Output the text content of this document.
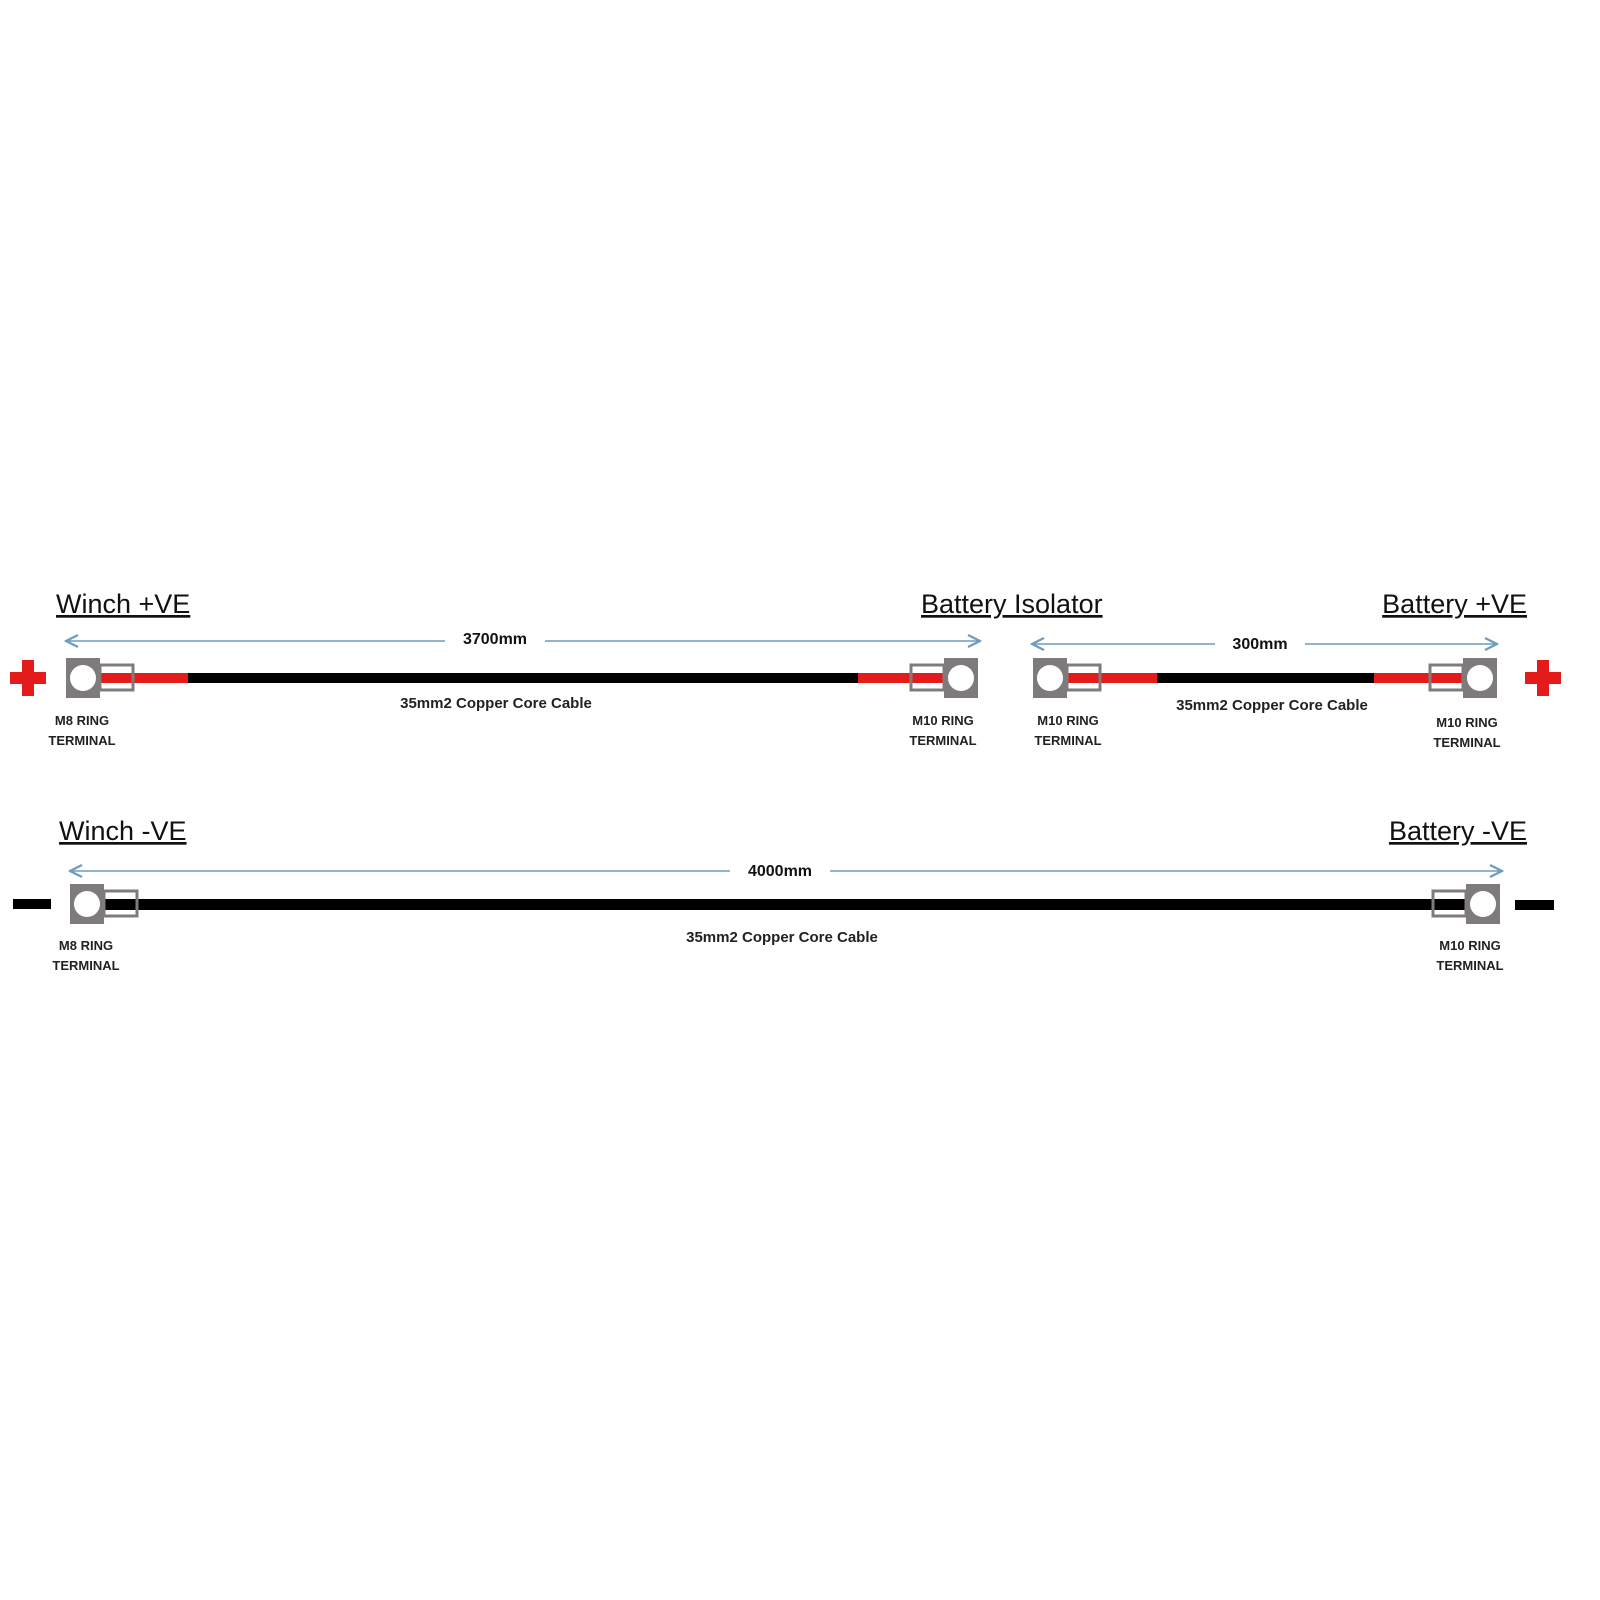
Winch +VE	Battery Isolator
3700mm
35mm2 Copper Core Cable
M8 RING
TERMINAL
M10 RING
TERMINAL
Battery +VE
300mm
35mm2 Copper Core Cable
M10 RING
TERMINAL
M10 RING
TERMINAL
Winch -VE	Battery -VE
4000mm
35mm2 Copper Core Cable
M8 RING
TERMINAL
M10 RING
TERMINAL
